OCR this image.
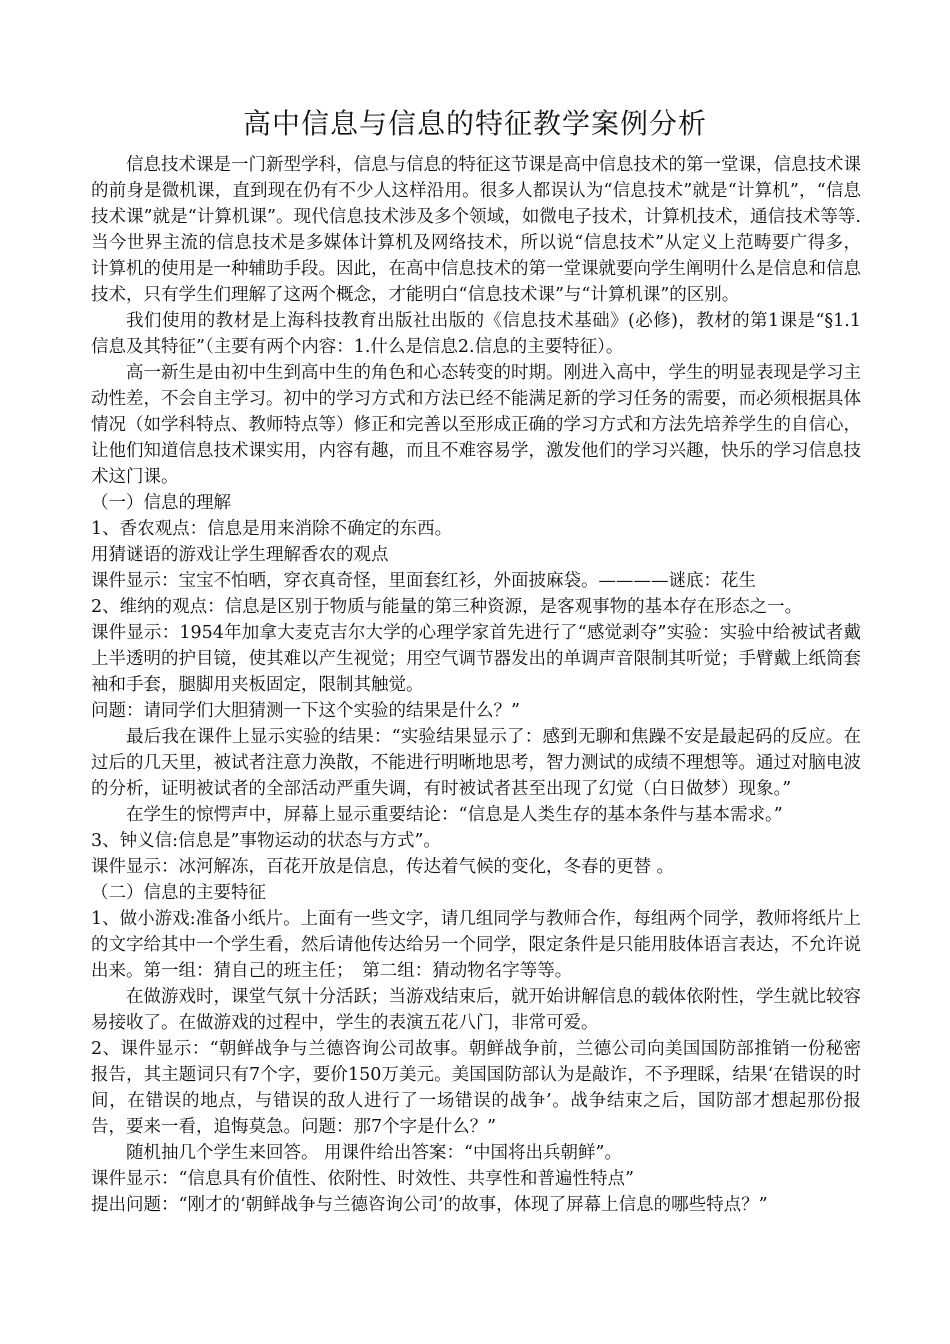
高中信息与信息的特征教学案例分析

信息技术课是一门新型学科，信息与信息的特征这节课是高中信息技术的第一堂课，信息技术课的前身是微机课，直到现在仍有不少人这样沿用。很多人都误认为“信息技术”就是“计算机”，“信息技术课”就是“计算机课”。现代信息技术涉及多个领域，如微电子技术，计算机技术，通信技术等等.当今世界主流的信息技术是多媒体计算机及网络技术，所以说“信息技术”从定义上范畴要广得多，计算机的使用是一种辅助手段。因此，在高中信息技术的第一堂课就要向学生阐明什么是信息和信息技术，只有学生们理解了这两个概念，才能明白“信息技术课”与“计算机课”的区别。

我们使用的教材是上海科技教育出版社出版的《信息技术基础》(必修)，教材的第1课是“§1.1信息及其特征”（主要有两个内容：1.什么是信息2.信息的主要特征）。

高一新生是由初中生到高中生的角色和心态转变的时期。刚进入高中，学生的明显表现是学习主动性差，不会自主学习。初中的学习方式和方法已经不能满足新的学习任务的需要，而必须根据具体情况（如学科特点、教师特点等）修正和完善以至形成正确的学习方式和方法先培养学生的自信心，让他们知道信息技术课实用，内容有趣，而且不难容易学，激发他们的学习兴趣，快乐的学习信息技术这门课。

（一）信息的理解

1、香农观点：信息是用来消除不确定的东西。

用猜谜语的游戏让学生理解香农的观点

课件显示：宝宝不怕晒，穿衣真奇怪，里面套红衫，外面披麻袋。————谜底：花生

2、维纳的观点：信息是区别于物质与能量的第三种资源，是客观事物的基本存在形态之一。

课件显示：1954年加拿大麦克吉尔大学的心理学家首先进行了“感觉剥夺”实验：实验中给被试者戴上半透明的护目镜，使其难以产生视觉；用空气调节器发出的单调声音限制其听觉；手臂戴上纸筒套袖和手套，腿脚用夹板固定，限制其触觉。

问题：请同学们大胆猜测一下这个实验的结果是什么？”

最后我在课件上显示实验的结果：“实验结果显示了：感到无聊和焦躁不安是最起码的反应。在过后的几天里，被试者注意力涣散，不能进行明晰地思考，智力测试的成绩不理想等。通过对脑电波的分析，证明被试者的全部活动严重失调，有时被试者甚至出现了幻觉（白日做梦）现象。”

在学生的惊愕声中，屏幕上显示重要结论：“信息是人类生存的基本条件与基本需求。”

3、钟义信:信息是”事物运动的状态与方式”。

课件显示：冰河解冻，百花开放是信息，传达着气候的变化，冬春的更替 。

（二）信息的主要特征

1、做小游戏:准备小纸片。上面有一些文字，请几组同学与教师合作，每组两个同学，教师将纸片上的文字给其中一个学生看，然后请他传达给另一个同学，限定条件是只能用肢体语言表达，不允许说出来。第一组：猜自己的班主任；　第二组：猜动物名字等等。

在做游戏时，课堂气氛十分活跃；当游戏结束后，就开始讲解信息的载体依附性，学生就比较容易接收了。在做游戏的过程中，学生的表演五花八门，非常可爱。

2、课件显示：“朝鲜战争与兰德咨询公司故事。朝鲜战争前，兰德公司向美国国防部推销一份秘密报告，其主题词只有7个字，要价150万美元。美国国防部认为是敲诈，不予理睬，结果‘在错误的时间，在错误的地点，与错误的敌人进行了一场错误的战争’。战争结束之后，国防部才想起那份报告，要来一看，追悔莫急。问题：那7个字是什么？”

随机抽几个学生来回答。 用课件给出答案：“中国将出兵朝鲜”。

课件显示：“信息具有价值性、依附性、时效性、共享性和普遍性特点”

提出问题：“刚才的‘朝鲜战争与兰德咨询公司’的故事，体现了屏幕上信息的哪些特点？”
